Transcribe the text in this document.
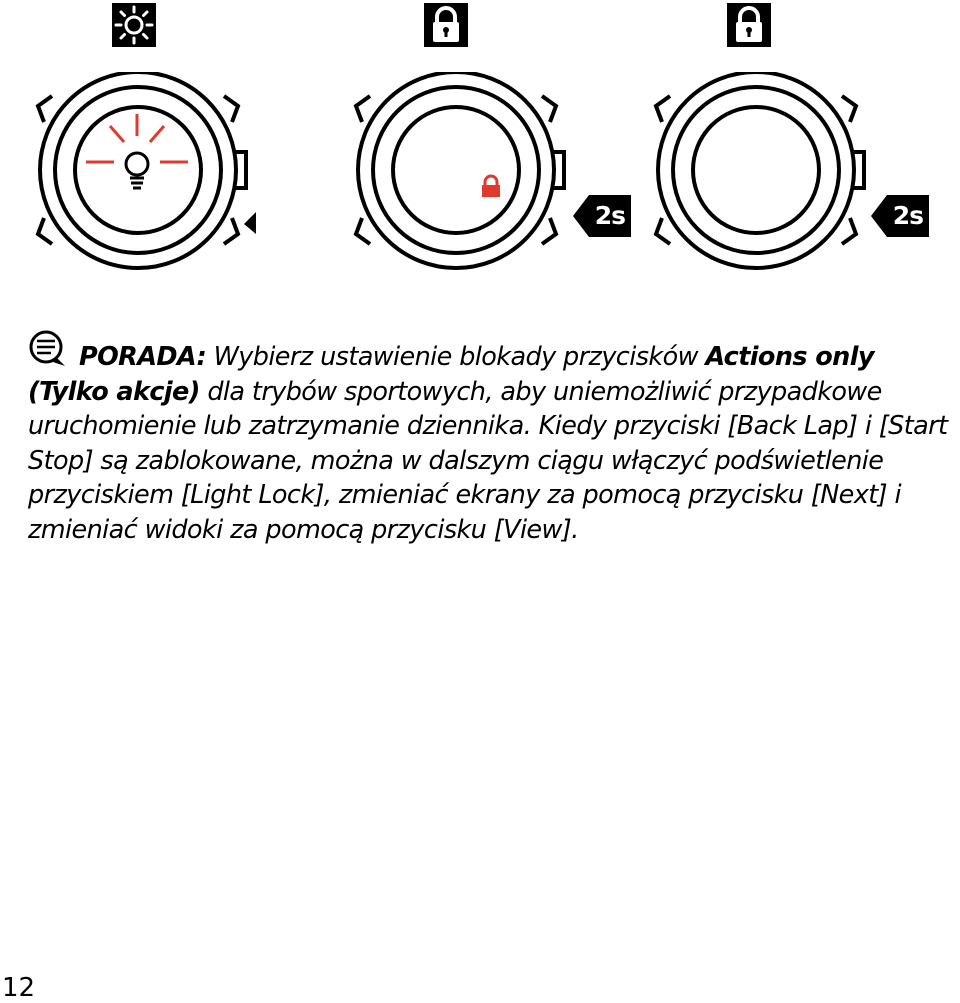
2s	2s
PORADA: Wybierz ustawienie blokady przycisków Actions only (Tylko akcje) dla trybów sportowych, aby uniemożliwić przypadkowe uruchomienie lub zatrzymanie dziennika. Kiedy przyciski [Back Lap] i [Start Stop] są zablokowane, można w dalszym ciągu włączyć podświetlenie przyciskiem [Light Lock], zmieniać ekrany za pomocą przycisku [Next] i zmieniać widoki za pomocą przycisku [View].
12
